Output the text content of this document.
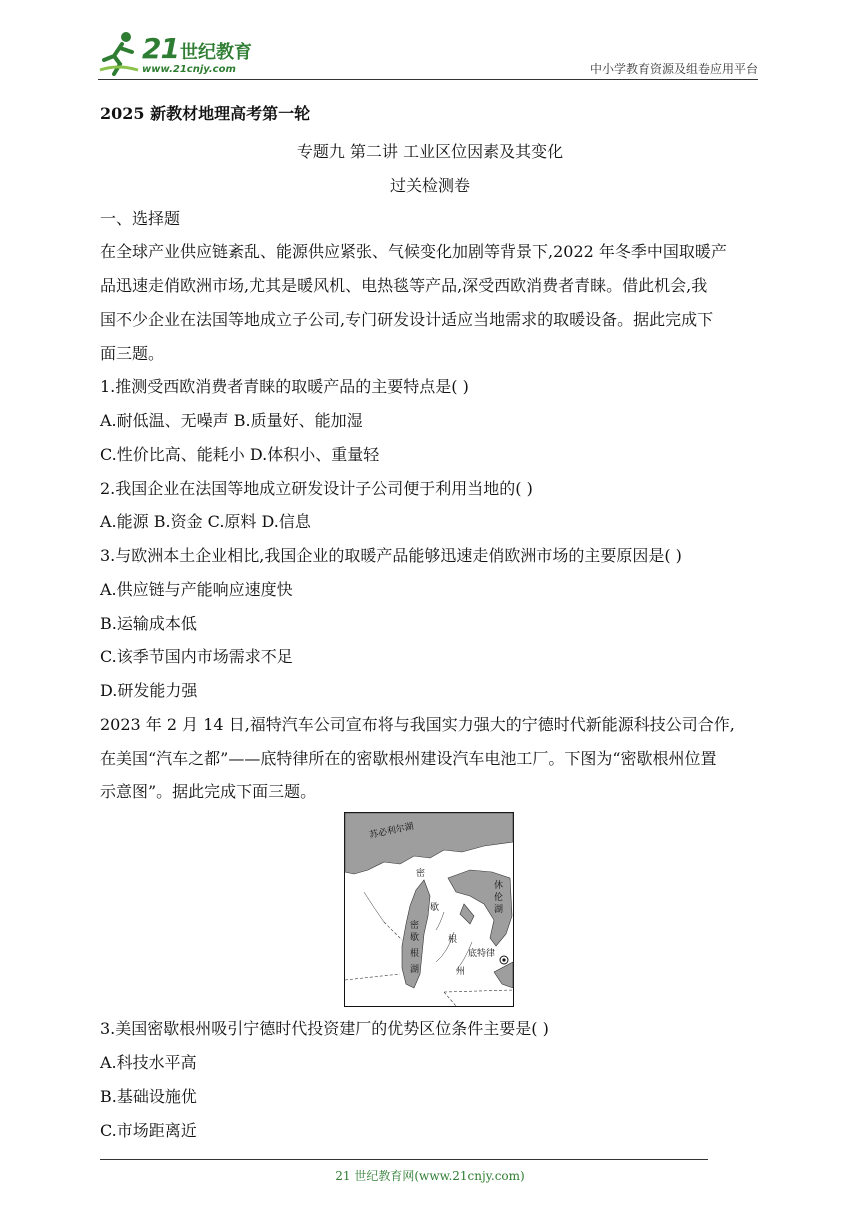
21 世纪教育
www.21cnjy.com	中小学教育资源及组卷应用平台
2025 新教材地理高考第一轮
专题九 第二讲 工业区位因素及其变化
过关检测卷
一、选择题
在全球产业供应链紊乱、能源供应紧张、气候变化加剧等背景下,2022 年冬季中国取暖产
品迅速走俏欧洲市场,尤其是暖风机、电热毯等产品,深受西欧消费者青睐。借此机会,我
国不少企业在法国等地成立子公司,专门研发设计适应当地需求的取暖设备。据此完成下
面三题。
1.推测受西欧消费者青睐的取暖产品的主要特点是( )
A.耐低温、无噪声 B.质量好、能加湿
C.性价比高、能耗小 D.体积小、重量轻
2.我国企业在法国等地成立研发设计子公司便于利用当地的( )
A.能源 B.资金 C.原料 D.信息
3.与欧洲本土企业相比,我国企业的取暖产品能够迅速走俏欧洲市场的主要原因是( )
A.供应链与产能响应速度快
B.运输成本低
C.该季节国内市场需求不足
D.研发能力强
2023 年 2 月 14 日,福特汽车公司宣布将与我国实力强大的宁德时代新能源科技公司合作,
在美国“汽车之都”——底特律所在的密歇根州建设汽车电池工厂。下图为“密歇根州位置
示意图”。据此完成下面三题。
苏必利尔湖
休
伦
湖
密
歇
根
湖
密
歇
根
州
底特律
3.美国密歇根州吸引宁德时代投资建厂的优势区位条件主要是( )
A.科技水平高
B.基础设施优
C.市场距离近
21 世纪教育网(www.21cnjy.com)
